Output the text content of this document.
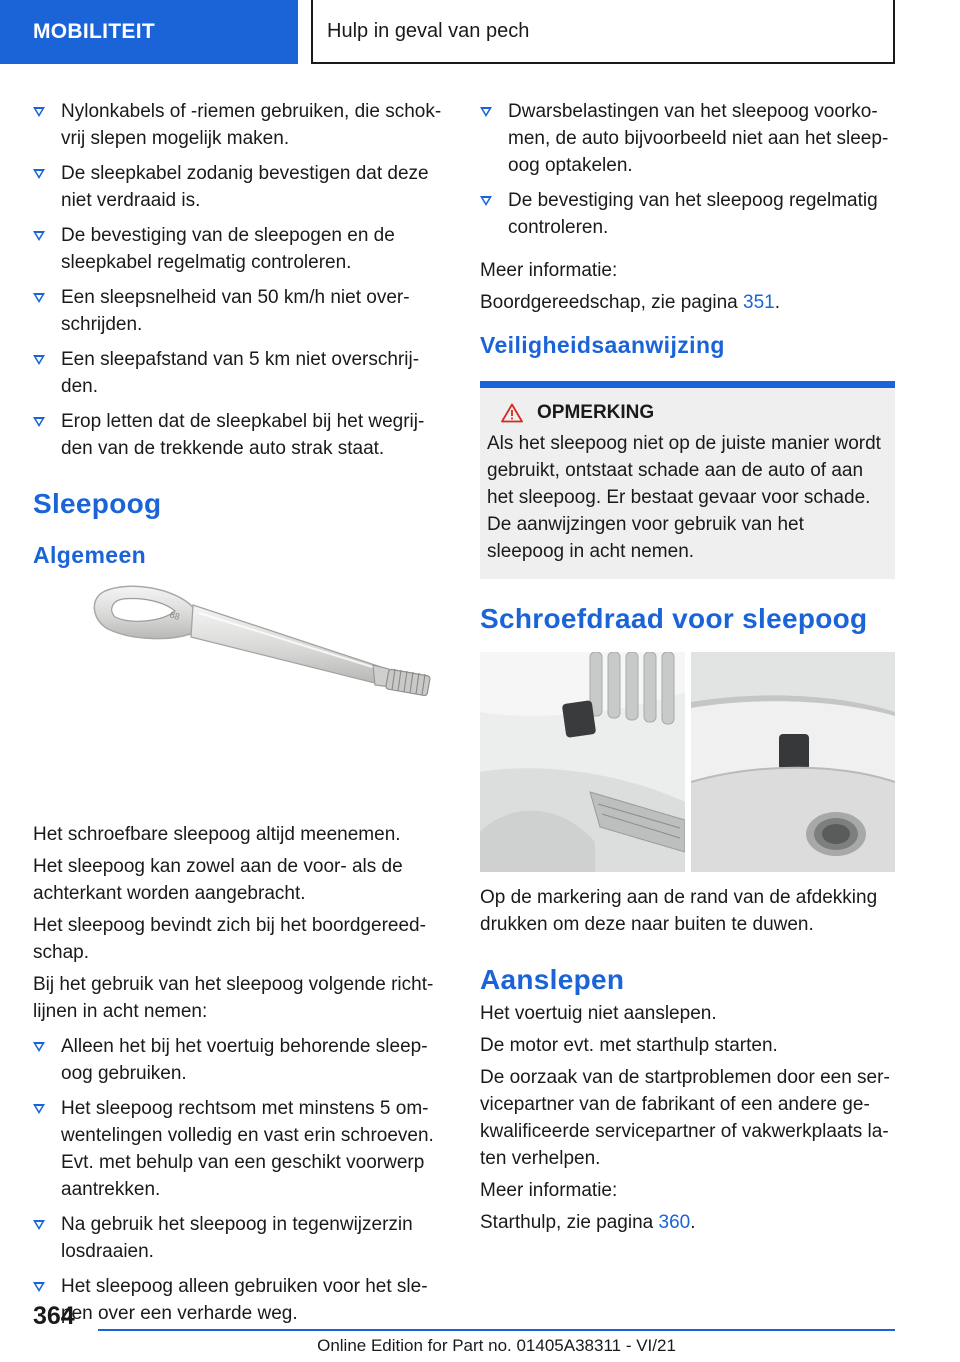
MOBILITEIT	Hulp in geval van pech
Nylonkabels of -riemen gebruiken, die schokvrij slepen mogelijk maken.
De sleepkabel zodanig bevestigen dat deze niet verdraaid is.
De bevestiging van de sleepogen en de sleepkabel regelmatig controleren.
Een sleepsnelheid van 50 km/h niet overschrijden.
Een sleepafstand van 5 km niet overschrijden.
Erop letten dat de sleepkabel bij het wegrijden van de trekkende auto strak staat.
Sleepoog
Algemeen
88

Het schroefbare sleepoog altijd meenemen.

Het sleepoog kan zowel aan de voor- als de achterkant worden aangebracht.

Het sleepoog bevindt zich bij het boordgereedschap.

Bij het gebruik van het sleepoog volgende richtlijnen in acht nemen:

Alleen het bij het voertuig behorende sleepoog gebruiken.
Het sleepoog rechtsom met minstens 5 omwentelingen volledig en vast erin schroeven. Evt. met behulp van een geschikt voorwerp aantrekken.
Na gebruik het sleepoog in tegenwijzerzin losdraaien.
Het sleepoog alleen gebruiken voor het slepen over een verharde weg.
Dwarsbelastingen van het sleepoog voorkomen, de auto bijvoorbeeld niet aan het sleepoog optakelen.
De bevestiging van het sleepoog regelmatig controleren.

Meer informatie:

Boordgereedschap, zie pagina 351.

Veiligheidsaanwijzing
OPMERKING
Als het sleepoog niet op de juiste manier wordt gebruikt, ontstaat schade aan de auto of aan het sleepoog. Er bestaat gevaar voor schade. De aanwijzingen voor gebruik van het sleepoog in acht nemen.
Schroefdraad voor sleepoog

Op de markering aan de rand van de afdekking drukken om deze naar buiten te duwen.

Aanslepen

Het voertuig niet aanslepen.

De motor evt. met starthulp starten.

De oorzaak van de startproblemen door een servicepartner van de fabrikant of een andere gekwalificeerde servicepartner of vakwerkplaats laten verhelpen.

Meer informatie:

Starthulp, zie pagina 360.

364
Online Edition for Part no. 01405A38311 - VI/21
